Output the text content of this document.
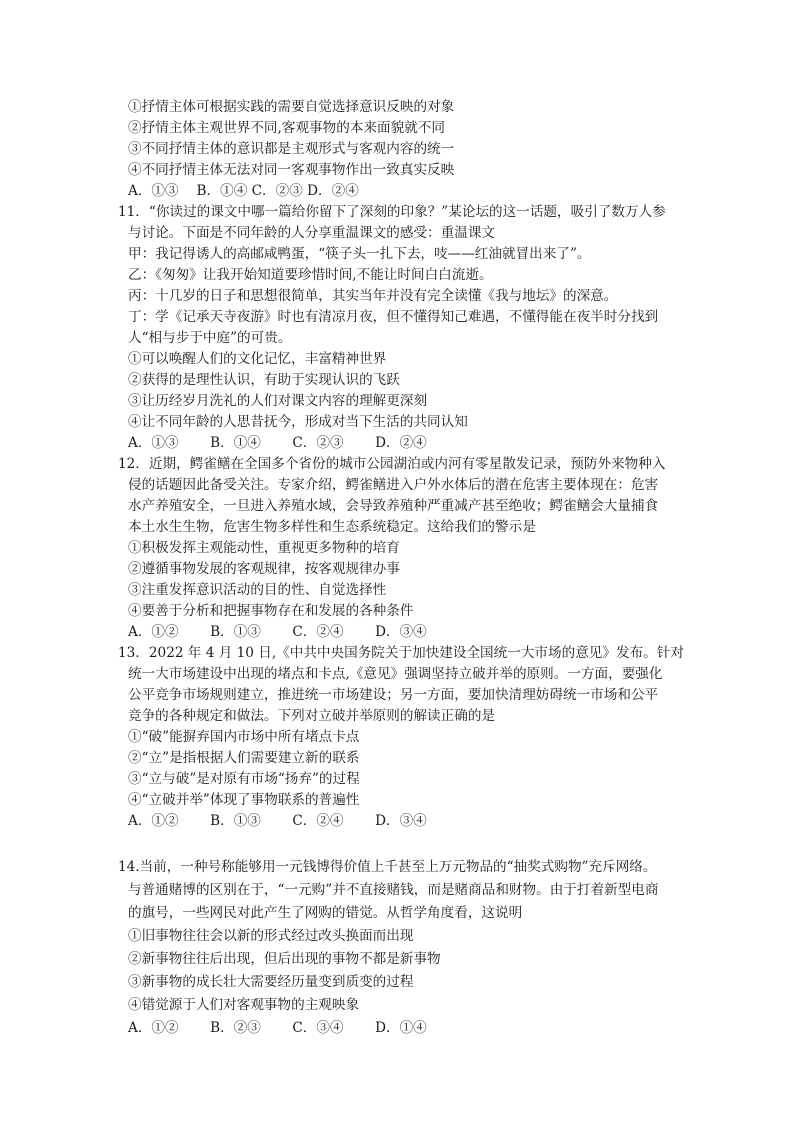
①抒情主体可根据实践的需要自觉选择意识反映的对象
②抒情主体主观世界不同,客观事物的本来面貌就不同
③不同抒情主体的意识都是主观形式与客观内容的统一
④不同抒情主体无法对同一客观事物作出一致真实反映
A．①③　 B．①④ C．②③ D．②④
11．“你读过的课文中哪一篇给你留下了深刻的印象？”某论坛的这一话题，吸引了数万人参
与讨论。下面是不同年龄的人分享重温课文的感受：重温课文
甲：我记得诱人的高邮咸鸭蛋，“筷子头一扎下去，吱——红油就冒出来了”。
乙：《匆匆》让我开始知道要珍惜时间,不能让时间白白流逝。
丙：十几岁的日子和思想很简单，其实当年并没有完全读懂《我与地坛》的深意。
丁：学《记承天寺夜游》时也有清凉月夜，但不懂得知己难遇，不懂得能在夜半时分找到
人“相与步于中庭”的可贵。
①可以唤醒人们的文化记忆，丰富精神世界
②获得的是理性认识，有助于实现认识的飞跃
③让历经岁月洗礼的人们对课文内容的理解更深刻
④让不同年龄的人思昔抚今，形成对当下生活的共同认知
A．①③　　 B．①④　　 C．②③　　 D．②④
12．近期，鳄雀鳝在全国多个省份的城市公园湖泊或内河有零星散发记录，预防外来物种入
侵的话题因此备受关注。专家介绍，鳄雀鳝进入户外水体后的潜在危害主要体现在：危害
水产养殖安全，一旦进入养殖水域，会导致养殖种严重减产甚至绝收；鳄雀鳝会大量捕食
本土水生生物，危害生物多样性和生态系统稳定。这给我们的警示是
①积极发挥主观能动性，重视更多物种的培育
②遵循事物发展的客观规律，按客观规律办事
③注重发挥意识活动的目的性、自觉选择性
④要善于分析和把握事物存在和发展的各种条件
A．①②　　 B．①③　　 C．②④　　 D．③④
13．2022 年 4 月 10 日,《中共中央国务院关于加快建设全国统一大市场的意见》发布。针对
统一大市场建设中出现的堵点和卡点,《意见》强调坚持立破并举的原则。一方面，要强化
公平竞争市场规则建立，推进统一市场建设；另一方面，要加快清理妨碍统一市场和公平
竞争的各种规定和做法。下列对立破并举原则的解读正确的是
①“破”能摒弃国内市场中所有堵点卡点
②“立”是指根据人们需要建立新的联系
③“立与破”是对原有市场“扬弃”的过程
④“立破并举”体现了事物联系的普遍性
A．①②　　 B．①③　　 C．②④　　 D．③④
14.当前，一种号称能够用一元钱博得价值上千甚至上万元物品的“抽奖式购物”充斥网络。
与普通赌博的区别在于，“一元购”并不直接赌钱，而是赌商品和财物。由于打着新型电商
的旗号，一些网民对此产生了网购的错觉。从哲学角度看，这说明
①旧事物往往会以新的形式经过改头换面而出现
②新事物往往后出现，但后出现的事物不都是新事物
③新事物的成长壮大需要经历量变到质变的过程
④错觉源于人们对客观事物的主观映象
A．①②　　 B．②③　　 C．③④　　 D．①④
